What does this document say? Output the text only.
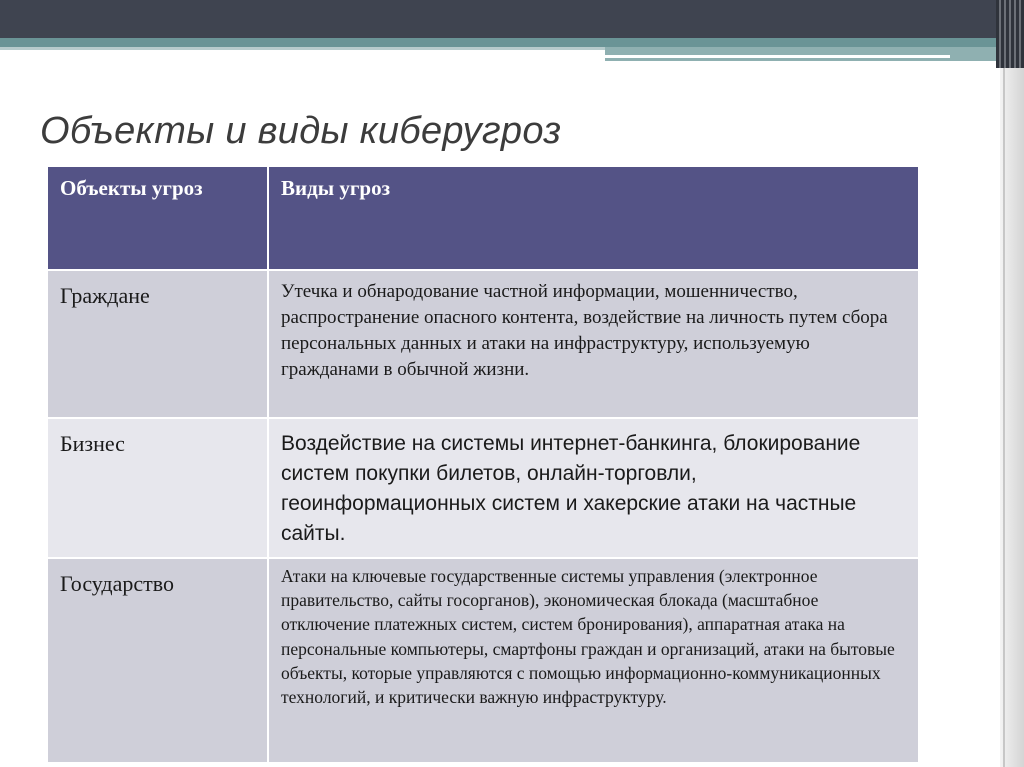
Объекты и виды киберугроз
Объекты угроз	Виды угроз

Граждане	Утечка и обнародование частной информации, мошенничество, распространение опасного контента, воздействие на личность путем сбора персональных данных и атаки на инфраструктуру, используемую гражданами в обычной жизни.

Бизнес	Воздействие на системы интернет-банкинга, блокирование систем покупки билетов, онлайн-торговли, геоинформационных систем и хакерские атаки на частные сайты.

Государство	Атаки на ключевые государственные системы управления (электронное правительство, сайты госорганов), экономическая блокада (масштабное отключение платежных систем, систем бронирования), аппаратная атака на персональные компьютеры, смартфоны граждан и организаций, атаки на бытовые объекты, которые управляются с помощью информационно-коммуникационных технологий, и критически важную инфраструктуру.
